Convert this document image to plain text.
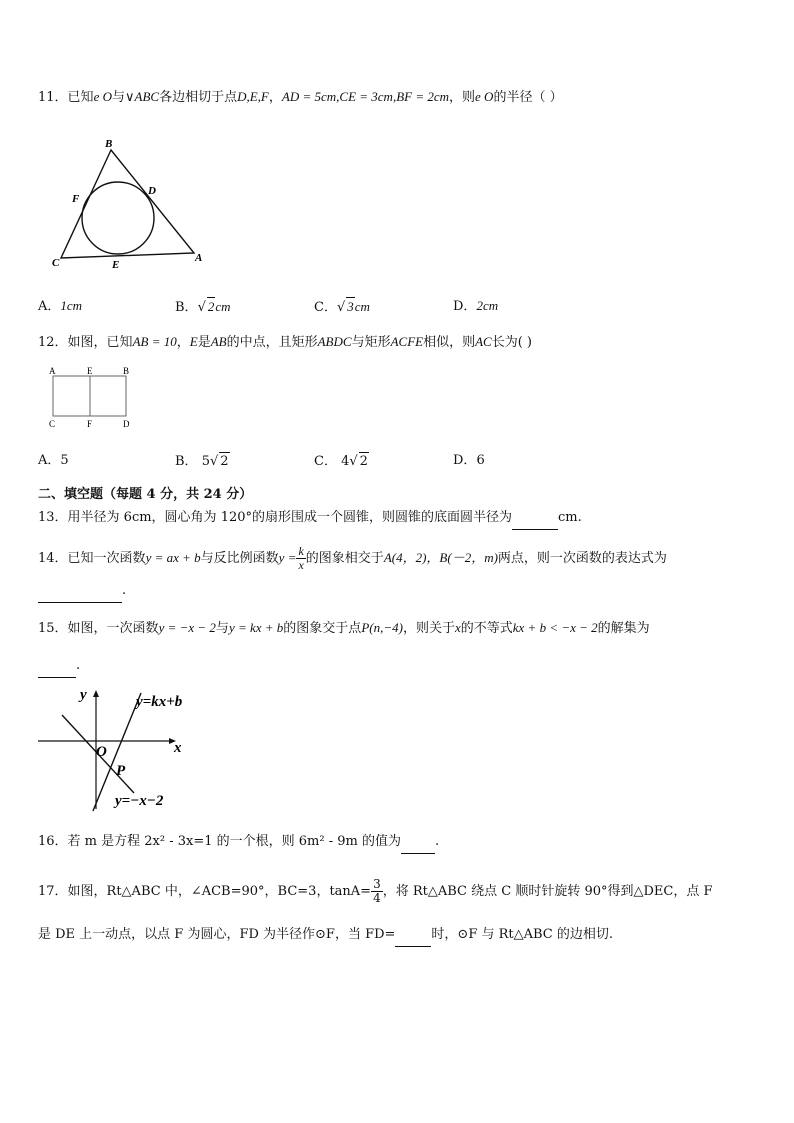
11．已知e O与∨ABC各边相切于点D,E,F，AD = 5cm,CE = 3cm,BF = 2cm，则e O的半径（ ）
B
F
D
C	E
A
A．1cm	B．√ 2cm	C．√ 3cm	D．2cm
12．如图，已知AB = 10，E是AB的中点，且矩形ABDC与矩形ACFE相似，则AC长为( )
A	E	B
C	F	D
A．5	B． 5√ 2	C． 4√ 2	D．6
二、填空题（每题 4 分，共 24 分）
13．用半径为 6cm，圆心角为 120°的扇形围成一个圆锥，则圆锥的底面圆半径为	cm.
14．已知一次函数y = ax + b与反比例函数$y = \frac{k}{x}$ 的图象相交于A(4，2)，B(－2，m)两点，则一次函数的表达式为
.
15．如图，一次函数y = −x − 2与y = kx + b的图象交于点P(n,−4)，则关于x的不等式kx + b < −x − 2的解集为
.
y
x
O
P
y=kx+b
y=−x−2
16．若 m 是方程 2x² - 3x=1 的一个根，则 6m² - 9m 的值为	.
17．如图，Rt△ABC 中，∠ACB=90°，BC=3，$\tan A= \frac{3}{4}$ ，将 Rt△ABC 绕点 C 顺时针旋转 90°得到△DEC，点 F
是 DE 上一动点，以点 F 为圆心，FD 为半径作⊙F，当 FD=	时，⊙F 与 Rt△ABC 的边相切.
